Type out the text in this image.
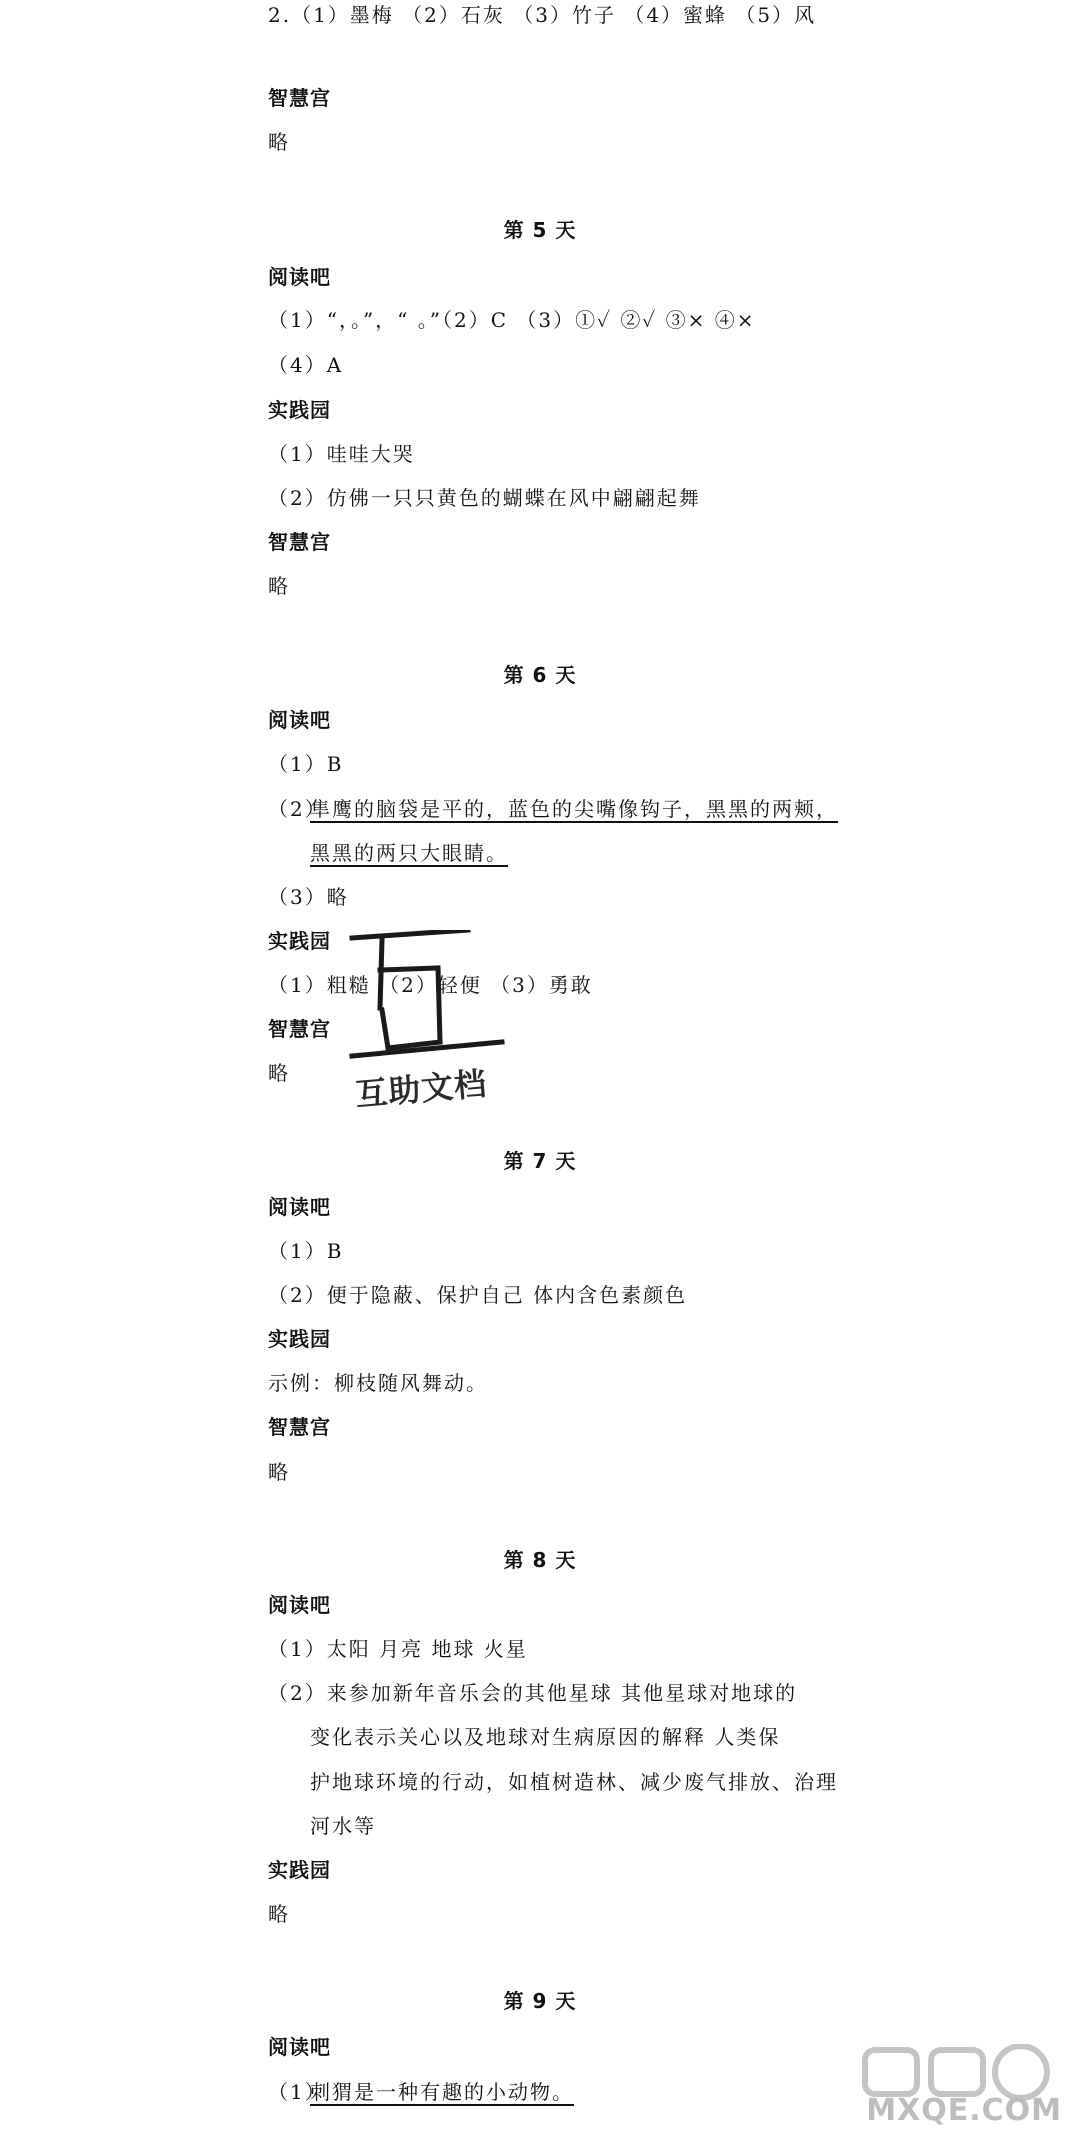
2.（1）墨梅 （2）石灰 （3）竹子 （4）蜜蜂 （5）风

智慧宫

略

第 5 天

阅读吧

（1）“，。”，“ 。”（2）C （3）①✓ ②✓ ③× ④×

（4）A

实践园

（1）哇哇大哭

（2）仿佛一只只黄色的蝴蝶在风中翩翩起舞

智慧宫

略

第 6 天

阅读吧

（1）B

（2）

隼鹰的脑袋是平的，蓝色的尖嘴像钩子，黑黑的两颊，

黑黑的两只大眼睛。

（3）略

实践园

（1）粗糙 （2）轻便 （3）勇敢

智慧宫

略

第 7 天

阅读吧

（1）B

（2）便于隐蔽、保护自己 体内含色素颜色

实践园

示例：柳枝随风舞动。

智慧宫

略

第 8 天

阅读吧

（1）太阳 月亮 地球 火星

（2）来参加新年音乐会的其他星球 其他星球对地球的

变化表示关心以及地球对生病原因的解释 人类保

护地球环境的行动，如植树造林、减少废气排放、治理

河水等

实践园

略

第 9 天

阅读吧

（1）

刺猬是一种有趣的小动物。

互助文档
MXQE.COM
